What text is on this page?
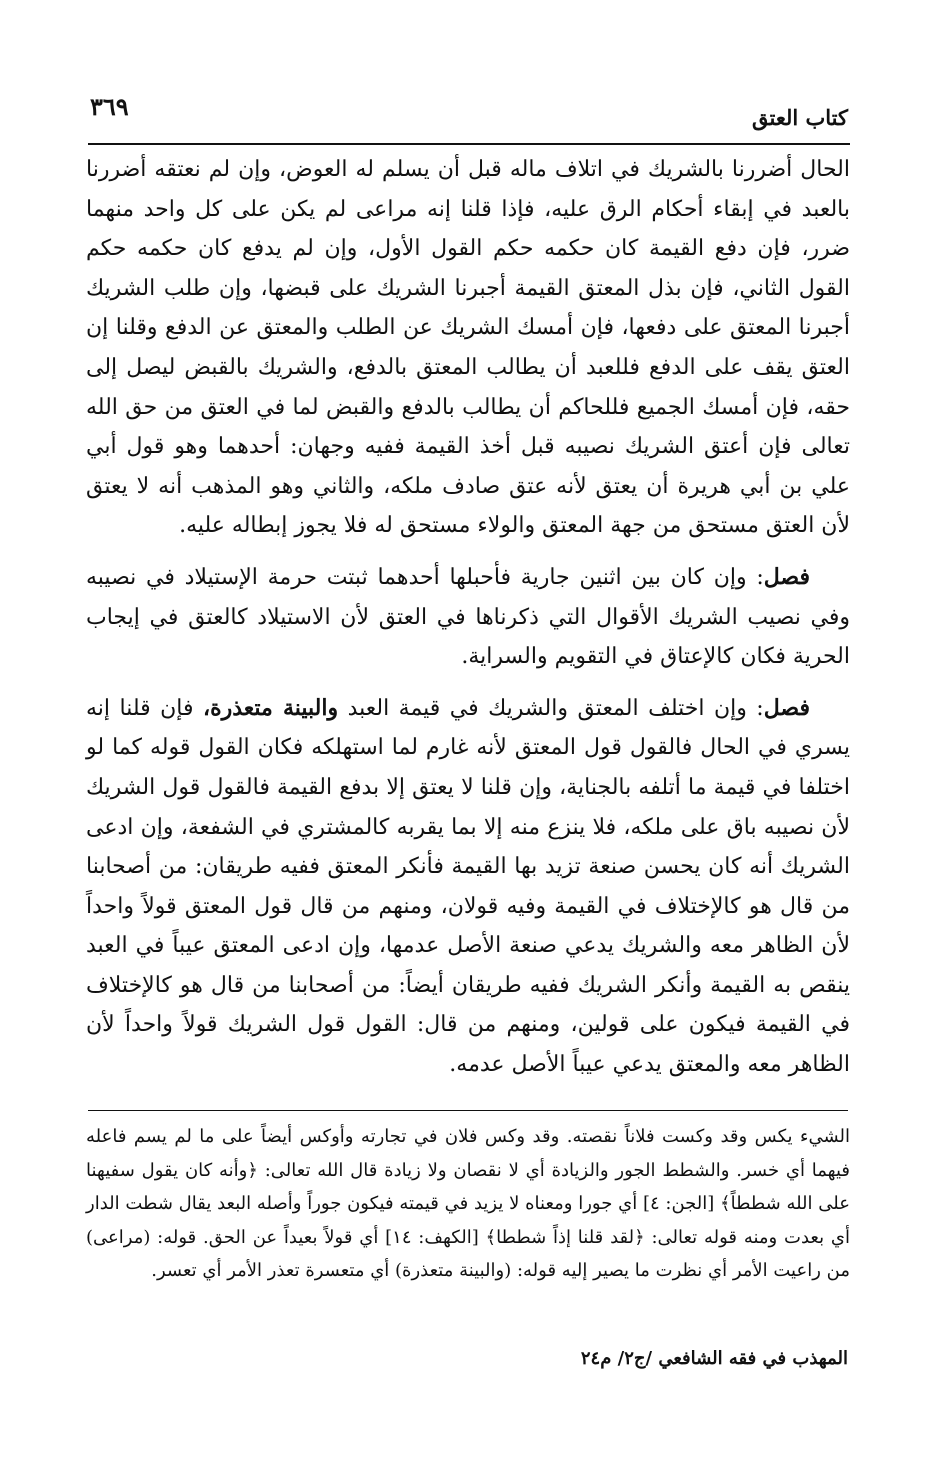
كتاب العتق
٣٦٩

الحال أضررنا بالشريك في اتلاف ماله قبل أن يسلم له العوض، وإن لم نعتقه أضررنا بالعبد في إبقاء أحكام الرق عليه، فإذا قلنا إنه مراعى لم يكن على كل واحد منهما ضرر، فإن دفع القيمة كان حكمه حكم القول الأول، وإن لم يدفع كان حكمه حكم القول الثاني، فإن بذل المعتق القيمة أجبرنا الشريك على قبضها، وإن طلب الشريك أجبرنا المعتق على دفعها، فإن أمسك الشريك عن الطلب والمعتق عن الدفع وقلنا إن العتق يقف على الدفع فللعبد أن يطالب المعتق بالدفع، والشريك بالقبض ليصل إلى حقه، فإن أمسك الجميع فللحاكم أن يطالب بالدفع والقبض لما في العتق من حق الله تعالى فإن أعتق الشريك نصيبه قبل أخذ القيمة ففيه وجهان: أحدهما وهو قول أبي علي بن أبي هريرة أن يعتق لأنه عتق صادف ملكه، والثاني وهو المذهب أنه لا يعتق لأن العتق مستحق من جهة المعتق والولاء مستحق له فلا يجوز إبطاله عليه.

فصل: وإن كان بين اثنين جارية فأحبلها أحدهما ثبتت حرمة الإستيلاد في نصيبه وفي نصيب الشريك الأقوال التي ذكرناها في العتق لأن الاستيلاد كالعتق في إيجاب الحرية فكان كالإعتاق في التقويم والسراية.

فصل: وإن اختلف المعتق والشريك في قيمة العبد والبينة متعذرة، فإن قلنا إنه يسري في الحال فالقول قول المعتق لأنه غارم لما استهلكه فكان القول قوله كما لو اختلفا في قيمة ما أتلفه بالجناية، وإن قلنا لا يعتق إلا بدفع القيمة فالقول قول الشريك لأن نصيبه باق على ملكه، فلا ينزع منه إلا بما يقربه كالمشتري في الشفعة، وإن ادعى الشريك أنه كان يحسن صنعة تزيد بها القيمة فأنكر المعتق ففيه طريقان: من أصحابنا من قال هو كالإختلاف في القيمة وفيه قولان، ومنهم من قال قول المعتق قولاً واحداً لأن الظاهر معه والشريك يدعي صنعة الأصل عدمها، وإن ادعى المعتق عيباً في العبد ينقص به القيمة وأنكر الشريك ففيه طريقان أيضاً: من أصحابنا من قال هو كالإختلاف في القيمة فيكون على قولين، ومنهم من قال: القول قول الشريك قولاً واحداً لأن الظاهر معه والمعتق يدعي عيباً الأصل عدمه.

الشيء يكس وقد وكست فلاناً نقصته. وقد وكس فلان في تجارته وأوكس أيضاً على ما لم يسم فاعله فيهما أي خسر. والشطط الجور والزيادة أي لا نقصان ولا زيادة قال الله تعالى: ﴿وأنه كان يقول سفيهنا على الله شططاً﴾ [الجن: ٤] أي جورا ومعناه لا يزيد في قيمته فيكون جوراً وأصله البعد يقال شطت الدار أي بعدت ومنه قوله تعالى: ﴿لقد قلنا إذاً شططا﴾ [الكهف: ١٤] أي قولاً بعيداً عن الحق. قوله: (مراعى) من راعيت الأمر أي نظرت ما يصير إليه قوله: (والبينة متعذرة) أي متعسرة تعذر الأمر أي تعسر.

المهذب في فقه الشافعي /ج٢/ م٢٤
